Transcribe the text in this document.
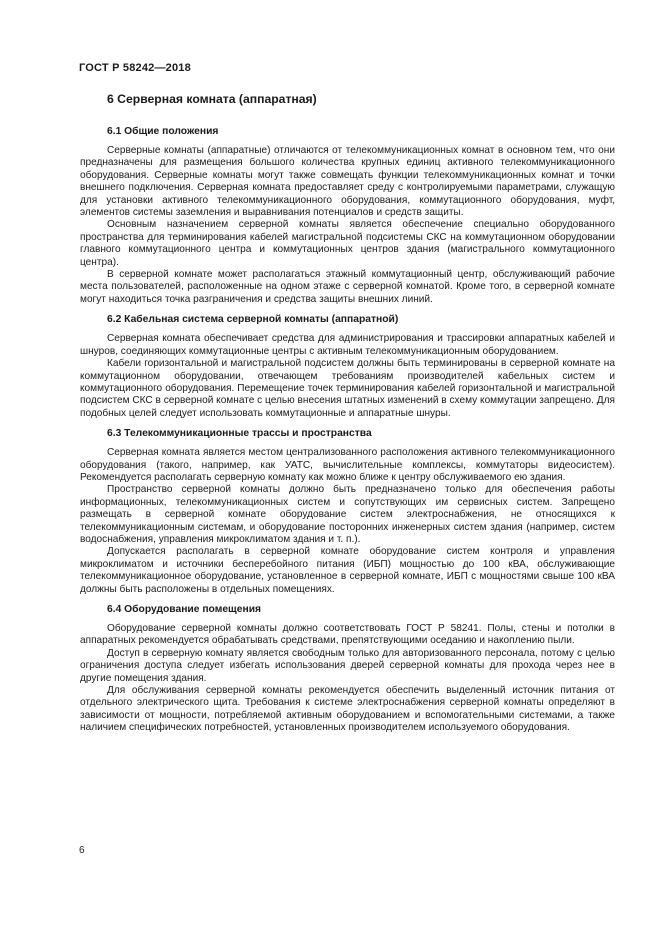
ГОСТ Р 58242—2018
6 Серверная комната (аппаратная)
6.1 Общие положения

Серверные комнаты (аппаратные) отличаются от телекоммуникационных комнат в основном тем, что они предназначены для размещения большого количества крупных единиц активного телекоммуникационного оборудования. Серверные комнаты могут также совмещать функции телекоммуникационных комнат и точки внешнего подключения. Серверная комната предоставляет среду с контролируемыми параметрами, служащую для установки активного телекоммуникационного оборудования, коммутационного оборудования, муфт, элементов системы заземления и выравнивания потенциалов и средств защиты.

Основным назначением серверной комнаты является обеспечение специально оборудованного пространства для терминирования кабелей магистральной подсистемы СКС на коммутационном оборудовании главного коммутационного центра и коммутационных центров здания (магистрального коммутационного центра).

В серверной комнате может располагаться этажный коммутационный центр, обслуживающий рабочие места пользователей, расположенные на одном этаже с серверной комнатой. Кроме того, в серверной комнате могут находиться точка разграничения и средства защиты внешних линий.

6.2 Кабельная система серверной комнаты (аппаратной)

Серверная комната обеспечивает средства для администрирования и трассировки аппаратных кабелей и шнуров, соединяющих коммутационные центры с активным телекоммуникационным оборудованием.

Кабели горизонтальной и магистральной подсистем должны быть терминированы в серверной комнате на коммутационном оборудовании, отвечающем требованиям производителей кабельных систем и коммутационного оборудования. Перемещение точек терминирования кабелей горизонтальной и магистральной подсистем СКС в серверной комнате с целью внесения штатных изменений в схему коммутации запрещено. Для подобных целей следует использовать коммутационные и аппаратные шнуры.

6.3 Телекоммуникационные трассы и пространства

Серверная комната является местом централизованного расположения активного телекоммуникационного оборудования (такого, например, как УАТС, вычислительные комплексы, коммутаторы видеосистем). Рекомендуется располагать серверную комнату как можно ближе к центру обслуживаемого ею здания.

Пространство серверной комнаты должно быть предназначено только для обеспечения работы информационных, телекоммуникационных систем и сопутствующих им сервисных систем. Запрещено размещать в серверной комнате оборудование систем электроснабжения, не относящихся к телекоммуникационным системам, и оборудование посторонних инженерных систем здания (например, систем водоснабжения, управления микроклиматом здания и т. п.).

Допускается располагать в серверной комнате оборудование систем контроля и управления микроклиматом и источники бесперебойного питания (ИБП) мощностью до 100 кВА, обслуживающие телекоммуникационное оборудование, установленное в серверной комнате, ИБП с мощностями свыше 100 кВА должны быть расположены в отдельных помещениях.

6.4 Оборудование помещения

Оборудование серверной комнаты должно соответствовать ГОСТ Р 58241. Полы, стены и потолки в аппаратных рекомендуется обрабатывать средствами, препятствующими оседанию и накоплению пыли.

Доступ в серверную комнату является свободным только для авторизованного персонала, потому с целью ограничения доступа следует избегать использования дверей серверной комнаты для прохода через нее в другие помещения здания.

Для обслуживания серверной комнаты рекомендуется обеспечить выделенный источник питания от отдельного электрического щита. Требования к системе электроснабжения серверной комнаты определяют в зависимости от мощности, потребляемой активным оборудованием и вспомогательными системами, а также наличием специфических потребностей, установленных производителем используемого оборудования.

6
